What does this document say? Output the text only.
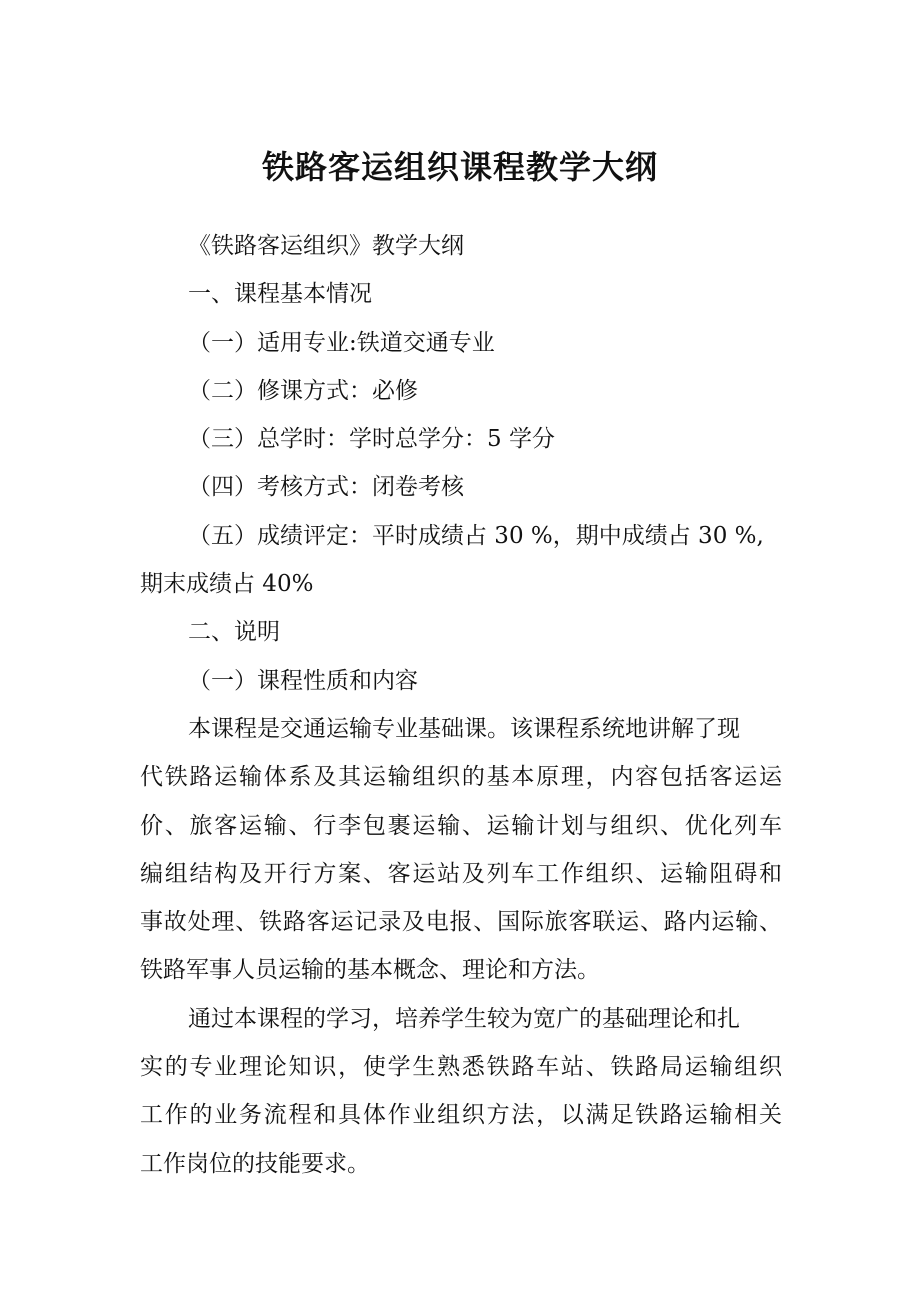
铁路客运组织课程教学大纲
《铁路客运组织》教学大纲
一、课程基本情况
（一）适用专业:铁道交通专业
（二）修课方式：必修
（三）总学时：学时总学分：5 学分
（四）考核方式：闭卷考核
（五）成绩评定：平时成绩占 30 %，期中成绩占 30 %,
期末成绩占 40%
二、说明
（一）课程性质和内容
本课程是交通运输专业基础课。该课程系统地讲解了现
代铁路运输体系及其运输组织的基本原理，内容包括客运运
价、旅客运输、行李包裹运输、运输计划与组织、优化列车
编组结构及开行方案、客运站及列车工作组织、运输阻碍和
事故处理、铁路客运记录及电报、国际旅客联运、路内运输、
铁路军事人员运输的基本概念、理论和方法。
通过本课程的学习，培养学生较为宽广的基础理论和扎
实的专业理论知识，使学生熟悉铁路车站、铁路局运输组织
工作的业务流程和具体作业组织方法，以满足铁路运输相关
工作岗位的技能要求。
